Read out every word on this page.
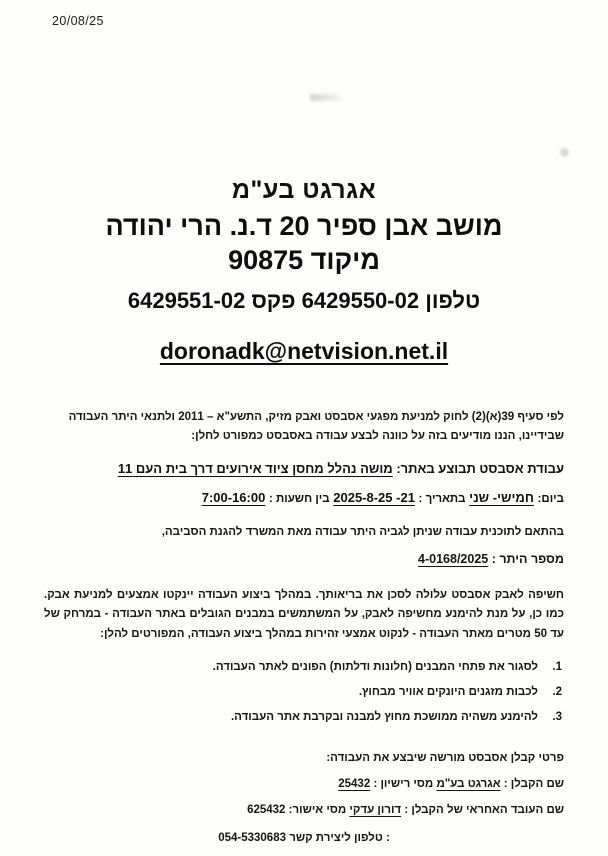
20/08/25
אגרגט בע"מ
מושב אבן ספיר 20 ד.נ. הרי יהודה
מיקוד 90875
טלפון 6429550-02 פקס 6429551-02
doronadk@netvision.net.il
לפי סעיף 39(א)(2) לחוק למניעת מפגעי אסבסט ואבק מזיק, התשע"א – 2011 ולתנאי היתר העבודה שבידיינו, הננו מודיעים בזה על כוונה לבצע עבודה באסבסט כמפורט לחלן:
עבודת אסבסט תבוצע באתר: מושה נהלל מחסן ציוד אירועים דרך בית העם 11
ביום: חמישי- שני בתאריך : 2025-8-25 -21 בין חשעות : 7:00-16:00
בהתאם לתוכנית עבודה שניתן לגביה היתר עבודה מאת המשרד להגנת הסביבה,
מספר היתר : 4-0168/2025
חשיפה לאבק אסבסט עלולה לסכן את בריאותך. במהלך ביצוע העבודה יינקטו אמצעים למניעת אבק. כמו כן, על מנת להימנע מחשיפה לאבק, על המשתמשים במבנים הגובלים באתר העבודה - במרחק של עד 50 מטרים מאתר העבודה - לנקוט אמצעי זהירות במהלך ביצוע העבודה, המפורטים להלן:
1.
לסגור את פתחי המבנים (חלונות ודלתות) הפונים לאתר העבודה.
2.
לכבות מזגנים היונקים אוויר מבחוץ.
3.
להימנע משהיה ממושכת מחוץ למבנה ובקרבת אתר העבודה.
פרטי קבלן אסבסט מורשה שיבצע את העבודה:
שם הקבלן : אגרגט בע"מ מסי רישיון : 25432
שם העובד האחראי של הקבלן : דורון עדקי מסי אישור: 625432
054-5330683 טלפון ליצירת קשר :
